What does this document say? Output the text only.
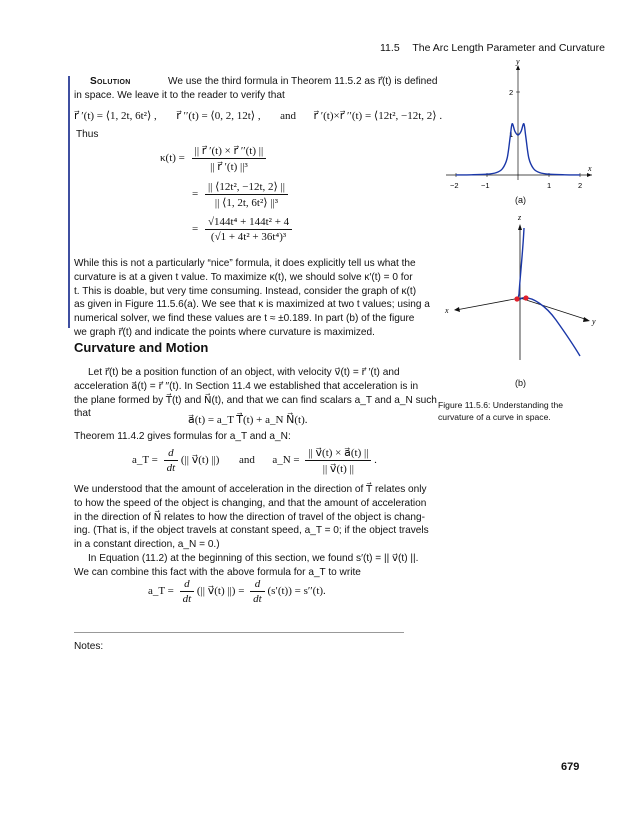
11.5 The Arc Length Parameter and Curvature
Solution	We use the third formula in Theorem 11.5.2 as r⃗(t) is defined
in space. We leave it to the reader to verify that
r⃗ ′(t) = ⟨1, 2t, 6t²⟩ , r⃗ ′′(t) = ⟨0, 2, 12t⟩ , and r⃗ ′(t)×r⃗ ′′(t) = ⟨12t², −12t, 2⟩ .
Thus
$\kappa(t) = \frac{|| r⃗ '(t) \times r⃗ ''(t) ||}{\text{|| r⃗ ′(t) ||³}}$
= $\frac{\text{|| ⟨12t², −12t, 2⟩ ||}}{\text{|| ⟨1, 2t, 6t²⟩ ||³}}$
= $\frac{\text{√144t⁴ + 144t² + 4}}{\text{(√1 + 4t² + 36t⁴)³}}$
While this is not a particularly “nice” formula, it does explicitly tell us what the
curvature is at a given t value. To maximize κ(t), we should solve κ′(t) = 0 for
t. This is doable, but very time consuming. Instead, consider the graph of κ(t)
as given in Figure 11.5.6(a). We see that κ is maximized at two t values; using a
numerical solver, we find these values are t ≈ ±0.189. In part (b) of the figure
we graph r⃗(t) and indicate the points where curvature is maximized.
Curvature and Motion
Let r⃗(t) be a position function of an object, with velocity v⃗(t) = r⃗ ′(t) and
acceleration a⃗(t) = r⃗ ′′(t). In Section 11.4 we established that acceleration is in
the plane formed by T⃗(t) and N⃗(t), and that we can find scalars a_T and a_N such
that
a⃗(t) = a_T T⃗(t) + a_N N⃗(t).
Theorem 11.4.2 gives formulas for a_T and a_N:
a_T = $\frac{d}{dt}$ (|| v⃗(t) ||) and a_N = $\frac{|| v⃗(t) \times a⃗(t) ||}{|| v⃗(t) ||}$ .
We understood that the amount of acceleration in the direction of T⃗ relates only
to how the speed of the object is changing, and that the amount of acceleration
in the direction of N⃗ relates to how the direction of travel of the object is chang-
ing. (That is, if the object travels at constant speed, a_T = 0; if the object travels
in a constant direction, a_N = 0.)
In Equation (11.2) at the beginning of this section, we found s′(t) = || v⃗(t) ||.
We can combine this fact with the above formula for a_T to write
a_T = $\frac{d}{dt}$ (|| v⃗(t) ||) = $\frac{d}{dt} (s'(t)) = s''(t)$.
Notes:
679
x
y
−2	−1	1	2
1
2
(a)
z
x
y
(b)
Figure 11.5.6: Understanding the curvature of a curve in space.
